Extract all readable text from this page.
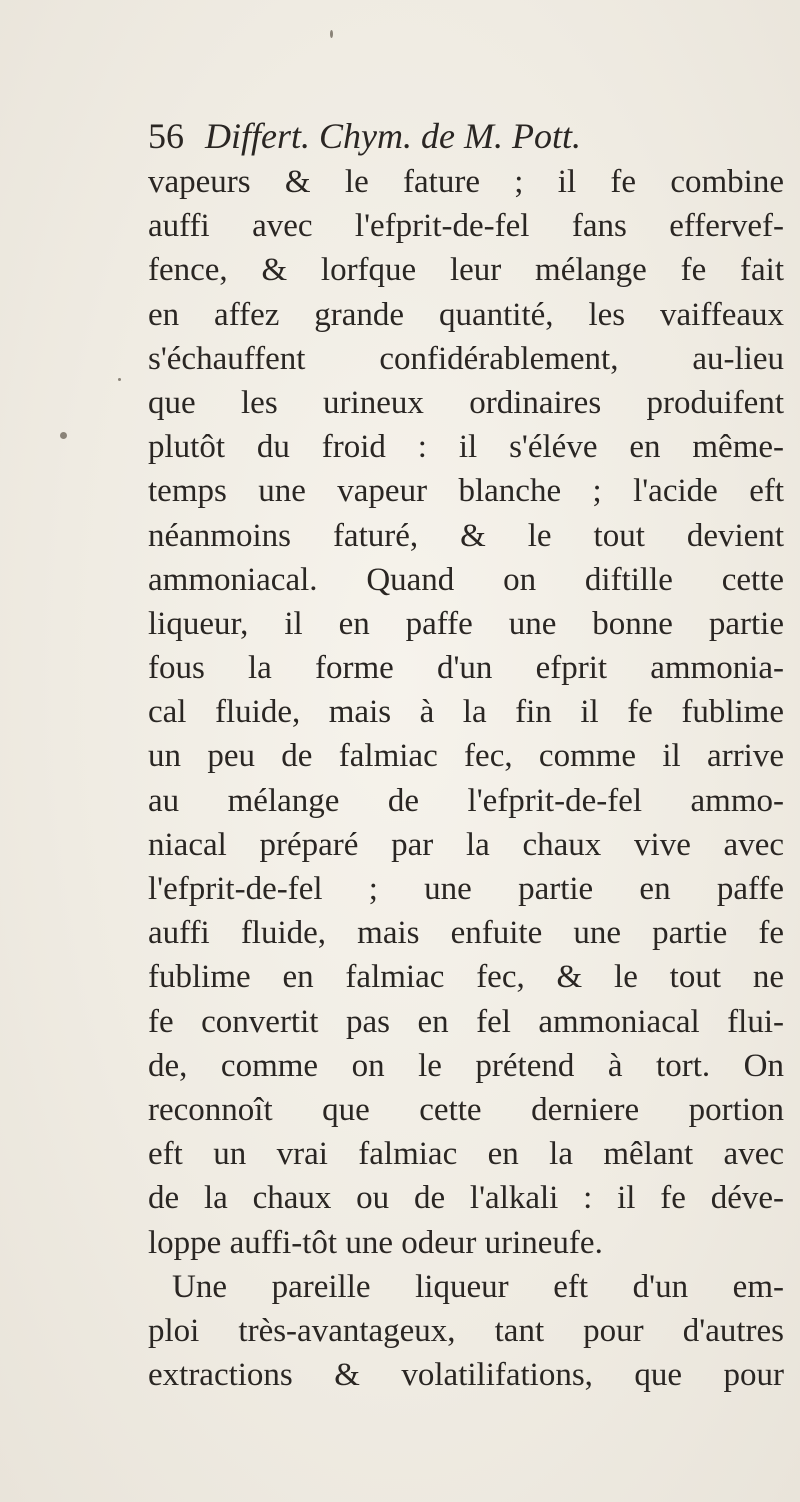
56 Differt. Chym. de M. Pott.
vapeurs & le fature ; il fe combine
auffi avec l'efprit-de-fel fans effervef-
fence, & lorfque leur mélange fe fait
en affez grande quantité, les vaiffeaux
s'échauffent confidérablement, au-lieu
que les urineux ordinaires produifent
plutôt du froid : il s'éléve en même-
temps une vapeur blanche ; l'acide eft
néanmoins faturé, & le tout devient
ammoniacal. Quand on diftille cette
liqueur, il en paffe une bonne partie
fous la forme d'un efprit ammonia-
cal fluide, mais à la fin il fe fublime
un peu de falmiac fec, comme il arrive
au mélange de l'efprit-de-fel ammo-
niacal préparé par la chaux vive avec
l'efprit-de-fel ; une partie en paffe
auffi fluide, mais enfuite une partie fe
fublime en falmiac fec, & le tout ne
fe convertit pas en fel ammoniacal flui-
de, comme on le prétend à tort. On
reconnoît que cette derniere portion
eft un vrai falmiac en la mêlant avec
de la chaux ou de l'alkali : il fe déve-
loppe auffi-tôt une odeur urineufe.
Une pareille liqueur eft d'un em-
ploi très-avantageux, tant pour d'autres
extractions & volatilifations, que pour
